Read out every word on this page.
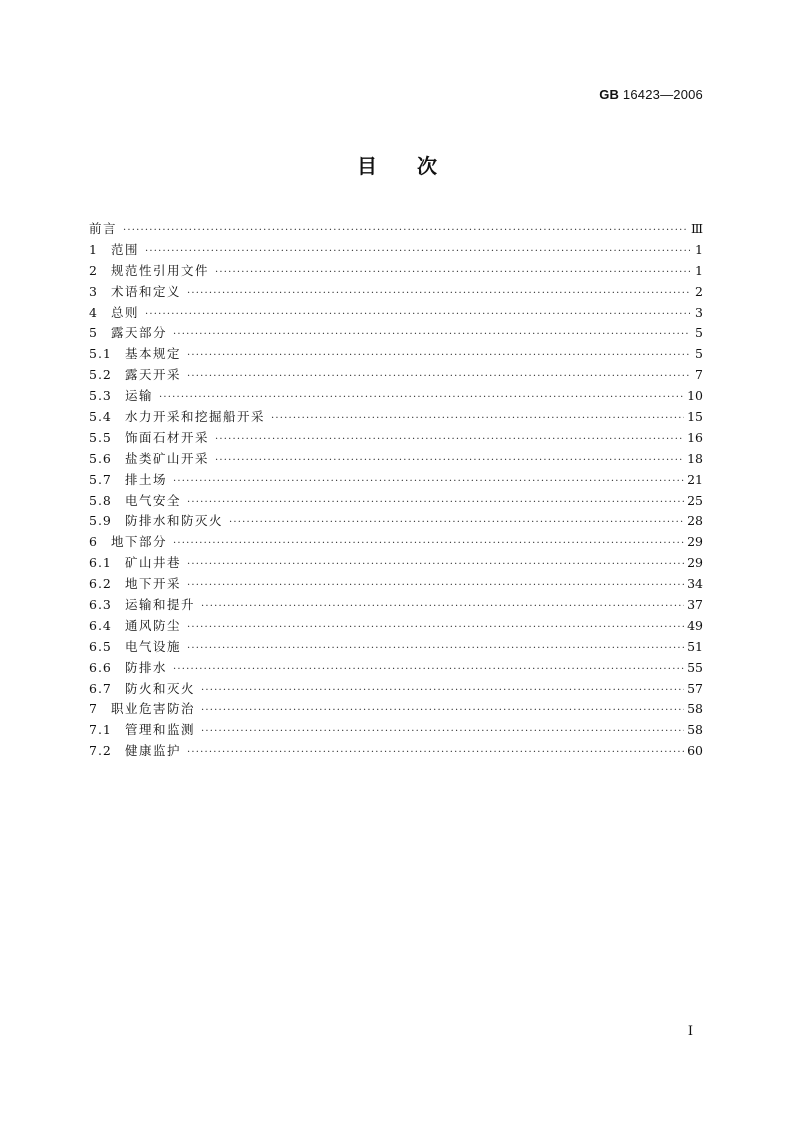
GB 16423—2006
目次
前言 ·····	Ⅲ
1	范围 ·····	1
2	规范性引用文件 ·····	1
3	术语和定义 ·····	2
4	总则 ·····	3
5	露天部分 ·····	5
5.1	基本规定 ·····	5
5.2	露天开采 ·····	7
5.3	运输 ·····	10
5.4	水力开采和挖掘船开采 ·····	15
5.5	饰面石材开采 ·····	16
5.6	盐类矿山开采 ·····	18
5.7	排土场 ·····	21
5.8	电气安全 ·····	25
5.9	防排水和防灭火 ·····	28
6	地下部分 ·····	29
6.1	矿山井巷 ·····	29
6.2	地下开采 ·····	34
6.3	运输和提升 ·····	37
6.4	通风防尘 ·····	49
6.5	电气设施 ·····	51
6.6	防排水 ·····	55
6.7	防火和灭火 ·····	57
7	职业危害防治 ·····	58
7.1	管理和监测 ·····	58
7.2	健康监护 ·····	60
I
